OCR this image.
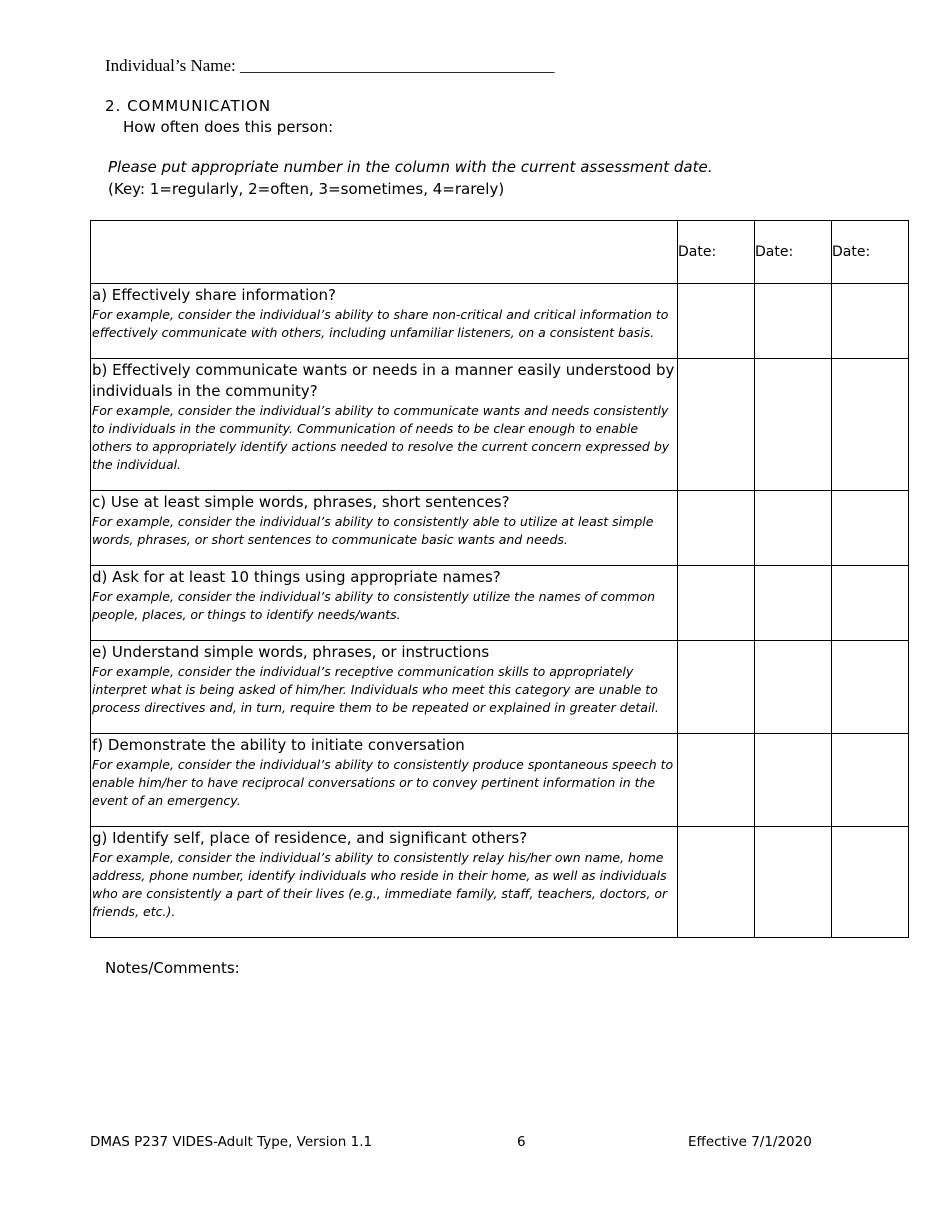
Individual’s Name: _____________________________________
2. COMMUNICATION
How often does this person:
Please put appropriate number in the column with the current assessment date.
(Key: 1=regularly, 2=often, 3=sometimes, 4=rarely)
	Date:	Date:	Date:

a) Effectively share information?
For example, consider the individual’s ability to share non-critical and critical information to effectively communicate with others, including unfamiliar listeners, on a consistent basis.			

b) Effectively communicate wants or needs in a manner easily understood by individuals in the community?
For example, consider the individual’s ability to communicate wants and needs consistently to individuals in the community. Communication of needs to be clear enough to enable others to appropriately identify actions needed to resolve the current concern expressed by the individual.			

c) Use at least simple words, phrases, short sentences?
For example, consider the individual’s ability to consistently able to utilize at least simple words, phrases, or short sentences to communicate basic wants and needs.			

d) Ask for at least 10 things using appropriate names?
For example, consider the individual’s ability to consistently utilize the names of common people, places, or things to identify needs/wants.			

e) Understand simple words, phrases, or instructions
For example, consider the individual’s receptive communication skills to appropriately interpret what is being asked of him/her. Individuals who meet this category are unable to process directives and, in turn, require them to be repeated or explained in greater detail.			

f) Demonstrate the ability to initiate conversation
For example, consider the individual’s ability to consistently produce spontaneous speech to enable him/her to have reciprocal conversations or to convey pertinent information in the event of an emergency.			

g) Identify self, place of residence, and significant others?
For example, consider the individual’s ability to consistently relay his/her own name, home address, phone number, identify individuals who reside in their home, as well as individuals who are consistently a part of their lives (e.g., immediate family, staff, teachers, doctors, or friends, etc.).			

Notes/Comments:
DMAS P237 VIDES-Adult Type, Version 1.1	6	Effective 7/1/2020
